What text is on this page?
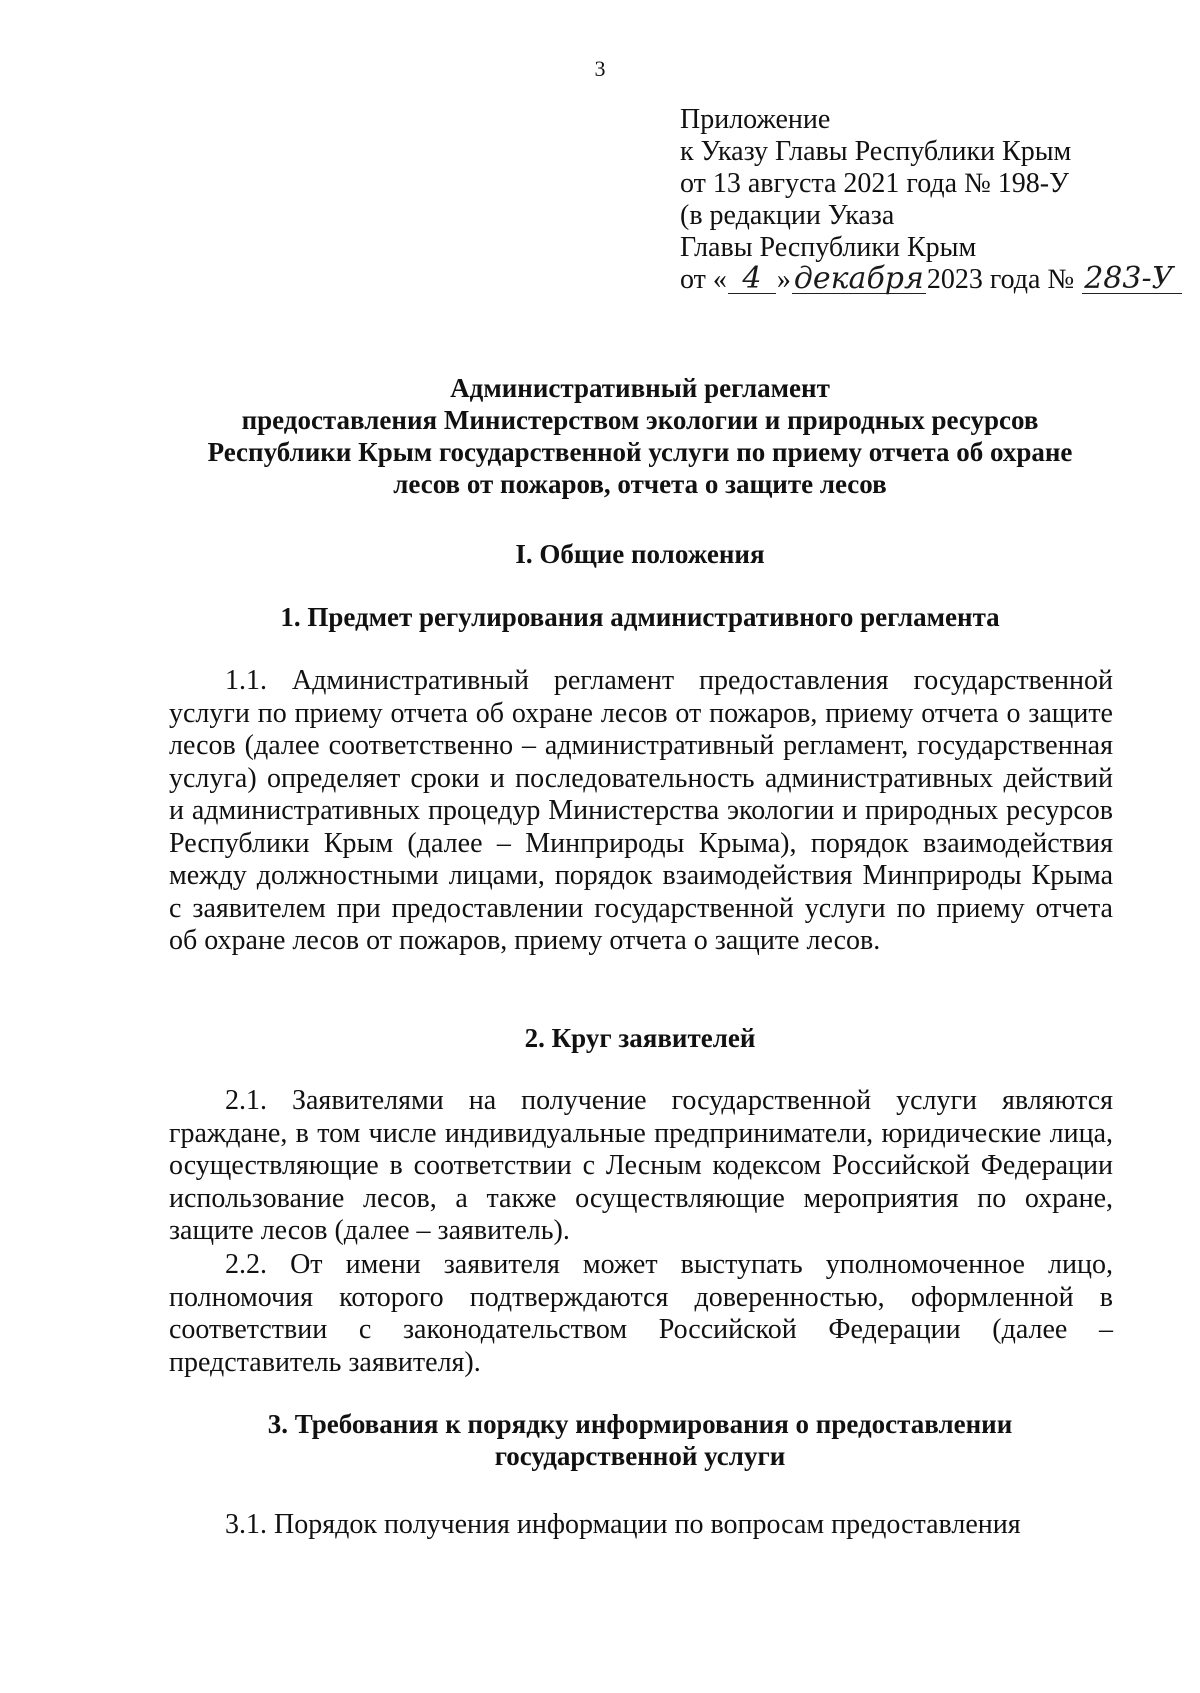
3
Приложение
к Указу Главы Республики Крым
от 13 августа 2021 года № 198-У
(в редакции Указа
Главы Республики Крым
от « 4 » декабря 2023 года № 283-У
Административный регламент
предоставления Министерством экологии и природных ресурсов
Республики Крым государственной услуги по приему отчета об охране
лесов от пожаров, отчета о защите лесов
I. Общие положения
1. Предмет регулирования административного регламента

1.1. Административный регламент предоставления государственной услуги по приему отчета об охране лесов от пожаров, приему отчета о защите лесов (далее соответственно – административный регламент, государственная услуга) определяет сроки и последовательность административных действий и административных процедур Министерства экологии и природных ресурсов Республики Крым (далее – Минприроды Крыма), порядок взаимодействия между должностными лицами, порядок взаимодействия Минприроды Крыма с заявителем при предоставлении государственной услуги по приему отчета об охране лесов от пожаров, приему отчета о защите лесов.

2. Круг заявителей

2.1. Заявителями на получение государственной услуги являются граждане, в том числе индивидуальные предприниматели, юридические лица, осуществляющие в соответствии с Лесным кодексом Российской Федерации использование лесов, а также осуществляющие мероприятия по охране, защите лесов (далее – заявитель).

2.2. От имени заявителя может выступать уполномоченное лицо, полномочия которого подтверждаются доверенностью, оформленной в соответствии с законодательством Российской Федерации (далее – представитель заявителя).

3. Требования к порядку информирования о предоставлении
государственной услуги

3.1. Порядок получения информации по вопросам предоставления
